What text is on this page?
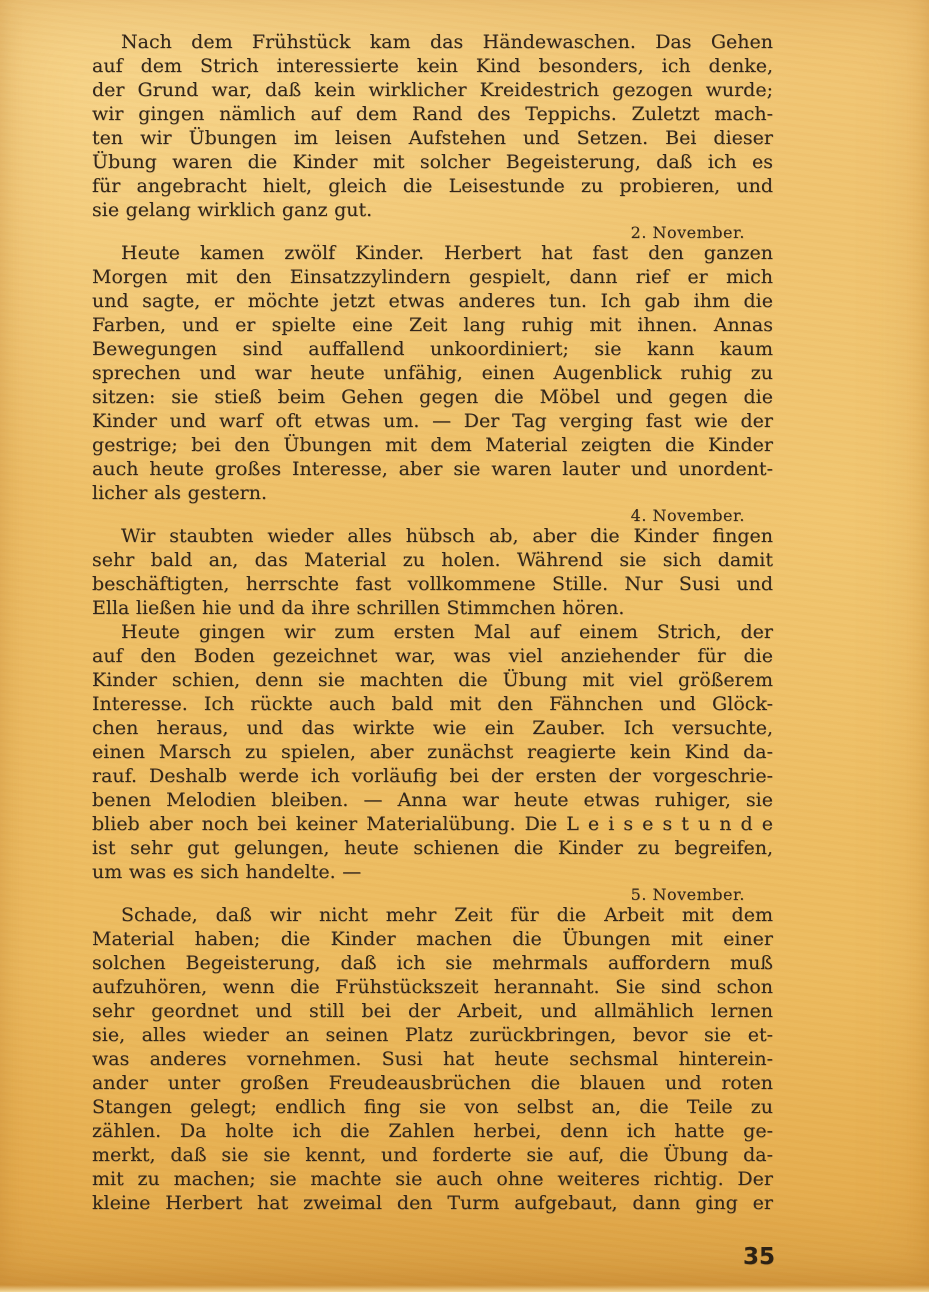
Nach dem Frühstück kam das Händewaschen. Das Gehen
auf dem Strich interessierte kein Kind besonders, ich denke,
der Grund war, daß kein wirklicher Kreidestrich gezogen wurde;
wir gingen nämlich auf dem Rand des Teppichs. Zuletzt mach-
ten wir Übungen im leisen Aufstehen und Setzen. Bei dieser
Übung waren die Kinder mit solcher Begeisterung, daß ich es
für angebracht hielt, gleich die Leisestunde zu probieren, und
sie gelang wirklich ganz gut.
2. November.
Heute kamen zwölf Kinder. Herbert hat fast den ganzen
Morgen mit den Einsatzzylindern gespielt, dann rief er mich
und sagte, er möchte jetzt etwas anderes tun. Ich gab ihm die
Farben, und er spielte eine Zeit lang ruhig mit ihnen. Annas
Bewegungen sind auffallend unkoordiniert; sie kann kaum
sprechen und war heute unfähig, einen Augenblick ruhig zu
sitzen: sie stieß beim Gehen gegen die Möbel und gegen die
Kinder und warf oft etwas um. — Der Tag verging fast wie der
gestrige; bei den Übungen mit dem Material zeigten die Kinder
auch heute großes Interesse, aber sie waren lauter und unordent-
licher als gestern.
4. November.
Wir staubten wieder alles hübsch ab, aber die Kinder fingen
sehr bald an, das Material zu holen. Während sie sich damit
beschäftigten, herrschte fast vollkommene Stille. Nur Susi und
Ella ließen hie und da ihre schrillen Stimmchen hören.
Heute gingen wir zum ersten Mal auf einem Strich, der
auf den Boden gezeichnet war, was viel anziehender für die
Kinder schien, denn sie machten die Übung mit viel größerem
Interesse. Ich rückte auch bald mit den Fähnchen und Glöck-
chen heraus, und das wirkte wie ein Zauber. Ich versuchte,
einen Marsch zu spielen, aber zunächst reagierte kein Kind da-
rauf. Deshalb werde ich vorläufig bei der ersten der vorgeschrie-
benen Melodien bleiben. — Anna war heute etwas ruhiger, sie
blieb aber noch bei keiner Materialübung. Die L e i s e s t u n d e
ist sehr gut gelungen, heute schienen die Kinder zu begreifen,
um was es sich handelte. —
5. November.
Schade, daß wir nicht mehr Zeit für die Arbeit mit dem
Material haben; die Kinder machen die Übungen mit einer
solchen Begeisterung, daß ich sie mehrmals auffordern muß
aufzuhören, wenn die Frühstückszeit herannaht. Sie sind schon
sehr geordnet und still bei der Arbeit, und allmählich lernen
sie, alles wieder an seinen Platz zurückbringen, bevor sie et-
was anderes vornehmen. Susi hat heute sechsmal hinterein-
ander unter großen Freudeausbrüchen die blauen und roten
Stangen gelegt; endlich fing sie von selbst an, die Teile zu
zählen. Da holte ich die Zahlen herbei, denn ich hatte ge-
merkt, daß sie sie kennt, und forderte sie auf, die Übung da-
mit zu machen; sie machte sie auch ohne weiteres richtig. Der
kleine Herbert hat zweimal den Turm aufgebaut, dann ging er
35
